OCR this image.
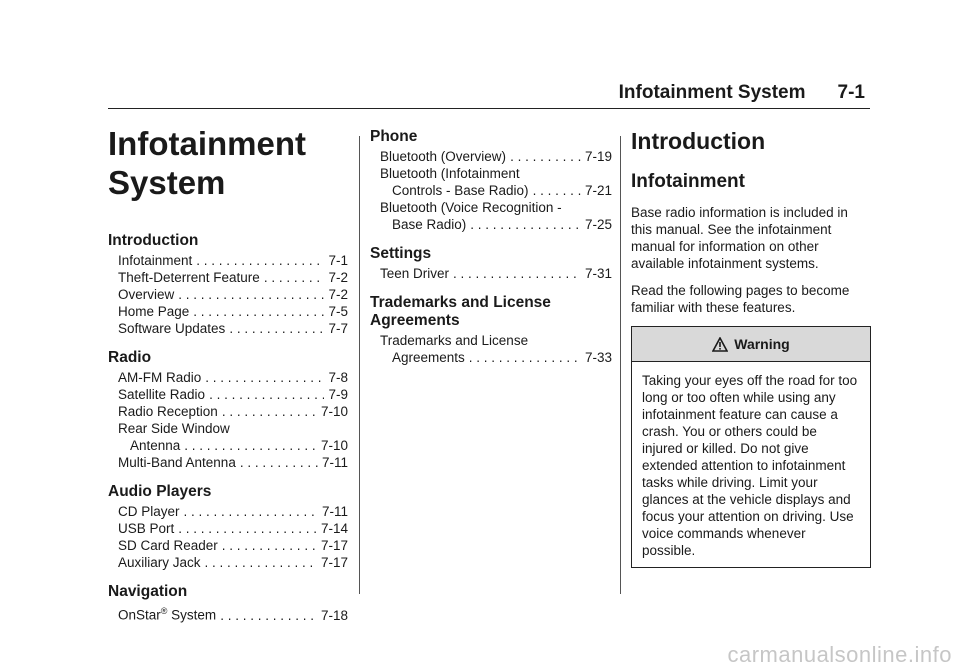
Infotainment System 7-1
Infotainment
System
Introduction
Infotainment . . .	7-1
Theft-Deterrent Feature . . .	7-2
Overview . . .	7-2
Home Page . . .	7-5
Software Updates . . .	7-7
Radio
AM-FM Radio . . .	7-8
Satellite Radio . . .	7-9
Radio Reception . . .	7-10
Rear Side Window
Antenna . . .	7-10
Multi-Band Antenna . . .	7-11
Audio Players
CD Player . . .	7-11
USB Port . . .	7-14
SD Card Reader . . .	7-17
Auxiliary Jack . . .	7-17
Navigation
OnStar® System . . .	7-18
Phone
Bluetooth (Overview) . . .	7-19
Bluetooth (Infotainment
Controls - Base Radio) . . .	7-21
Bluetooth (Voice Recognition -
Base Radio) . . .	7-25
Settings
Teen Driver . . .	7-31
Trademarks and License Agreements
Trademarks and License
Agreements . . .	7-33
Introduction
Infotainment

Base radio information is included in this manual. See the infotainment manual for information on other available infotainment systems.

Read the following pages to become familiar with these features.

Warning
Taking your eyes off the road for too long or too often while using any infotainment feature can cause a crash. You or others could be injured or killed. Do not give extended attention to infotainment tasks while driving. Limit your glances at the vehicle displays and focus your attention on driving. Use voice commands whenever possible.
carmanualsonline.info
